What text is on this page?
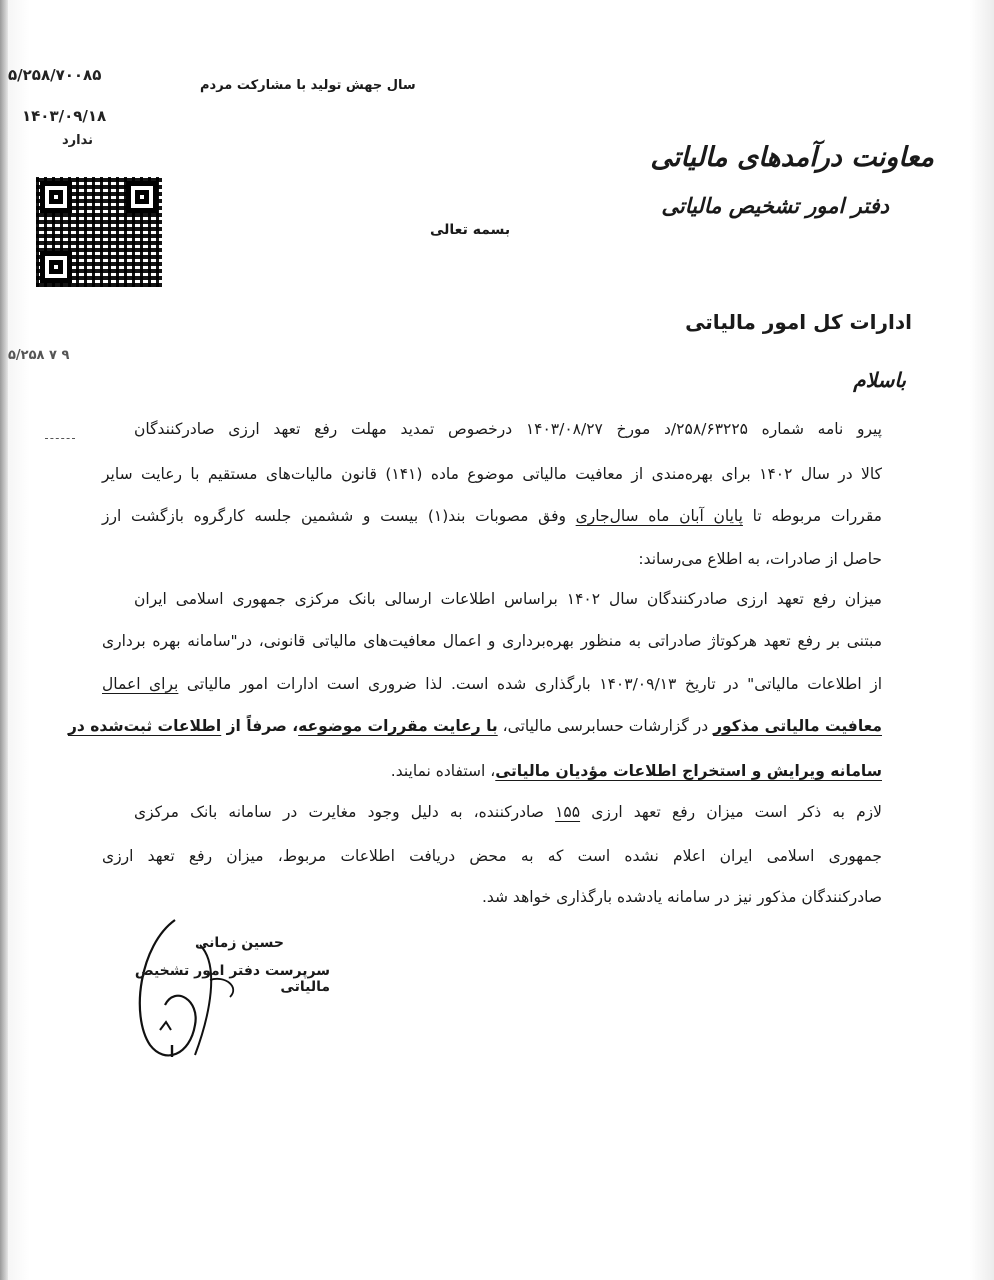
۵/۲۵۸/۷۰۰۸۵
۱۴۰۳/۰۹/۱۸
ندارد
۵/۲۵۸ ۷ ۹
سال جهش تولید با مشارکت مردم
معاونت درآمدهای مالیاتی
دفتر امور تشخیص مالیاتی
بسمه تعالی
ادارات کل امور مالیاتی
باسلام
پیرو نامه شماره ۲۵۸/۶۳۲۲۵/د مورخ ۱۴۰۳/۰۸/۲۷ درخصوص تمدید مهلت رفع تعهد ارزی صادرکنندگان
کالا در سال ۱۴۰۲ برای بهره‌مندی از معافیت مالیاتی موضوع ماده (۱۴۱) قانون مالیات‌های مستقیم با رعایت سایر
مقررات مربوطه تا پایان آبان ماه سال‌جاری وفق مصوبات بند(۱) بیست و ششمین جلسه کارگروه بازگشت ارز
حاصل از صادرات، به اطلاع می‌رساند:
میزان رفع تعهد ارزی صادرکنندگان سال ۱۴۰۲ براساس اطلاعات ارسالی بانک مرکزی جمهوری اسلامی ایران
مبتنی بر رفع تعهد هرکوتاژ صادراتی به منظور بهره‌برداری و اعمال معافیت‌های مالیاتی قانونی، در"سامانه بهره برداری
از اطلاعات مالیاتی" در تاریخ ۱۴۰۳/۰۹/۱۳ بارگذاری شده است. لذا ضروری است ادارات امور مالیاتی برای اعمال
معافیت مالیاتی مذکور در گزارشات حسابرسی مالیاتی، با رعایت مقررات موضوعه، صرفاً از اطلاعات ثبت‌شده در
سامانه ویرایش و استخراج اطلاعات مؤدیان مالیاتی، استفاده نمایند.
لازم به ذکر است میزان رفع تعهد ارزی ۱۵۵ صادرکننده، به دلیل وجود مغایرت در سامانه بانک مرکزی
جمهوری اسلامی ایران اعلام نشده است که به محض دریافت اطلاعات مربوط، میزان رفع تعهد ارزی
صادرکنندگان مذکور نیز در سامانه یادشده بارگذاری خواهد شد.
حسین زمانی
سرپرست دفتر امور تشخیص مالیاتی
